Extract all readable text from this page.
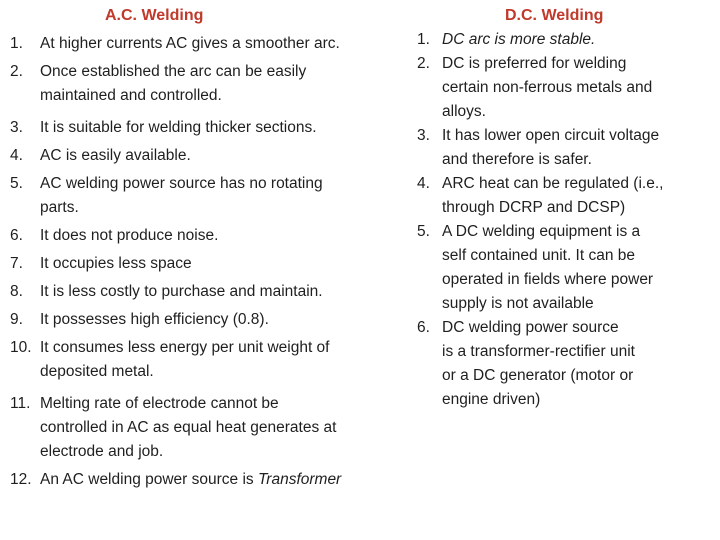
A.C. Welding	D.C. Welding
1. At higher currents AC gives a smoother arc.
2. Once established the arc can be easily
maintained and controlled.
3. It is suitable for welding thicker sections.
4. AC is easily available.
5. AC welding power source has no rotating
parts.
6. It does not produce noise.
7. It occupies less space
8. It is less costly to purchase and maintain.
9. It possesses high efficiency (0.8).
10. It consumes less energy per unit weight of
deposited metal.
11. Melting rate of electrode cannot be
controlled in AC as equal heat generates at
electrode and job.
12. An AC welding power source is Transformer
1. DC arc is more stable.
2. DC is preferred for welding
certain non-ferrous metals and
alloys.
3. It has lower open circuit voltage
and therefore is safer.
4. ARC heat can be regulated (i.e.,
through DCRP and DCSP)
5. A DC welding equipment is a
self contained unit. It can be
operated in fields where power
supply is not available
6. DC welding power source
is a transformer-rectifier unit
or a DC generator (motor or
engine driven)
